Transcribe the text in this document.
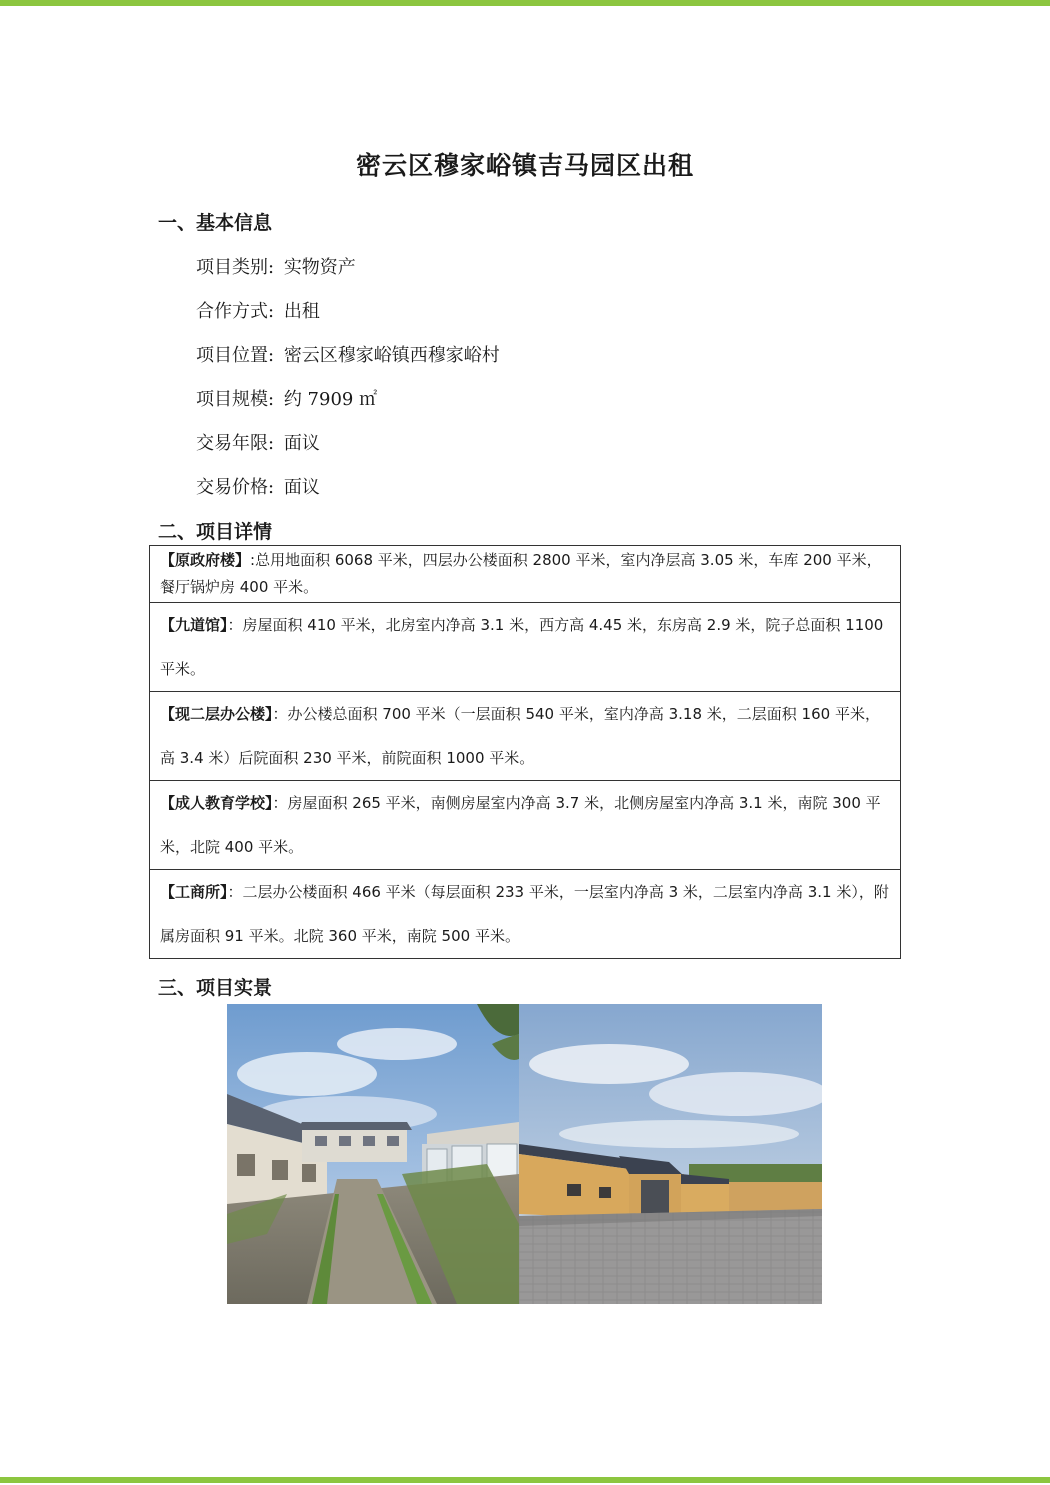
密云区穆家峪镇吉马园区出租
一、基本信息
项目类别: 实物资产
合作方式: 出租
项目位置: 密云区穆家峪镇西穆家峪村
项目规模: 约 7909 ㎡
交易年限: 面议
交易价格: 面议
二、项目详情
【原政府楼】:总用地面积 6068 平米，四层办公楼面积 2800 平米，室内净层高 3.05 米，车库 200 平米，餐厅锅炉房 400 平米。
【九道馆】：房屋面积 410 平米，北房室内净高 3.1 米，西方高 4.45 米，东房高 2.9 米，院子总面积 1100 平米。
【现二层办公楼】：办公楼总面积 700 平米（一层面积 540 平米，室内净高 3.18 米，二层面积 160 平米，高 3.4 米）后院面积 230 平米，前院面积 1000 平米。
【成人教育学校】：房屋面积 265 平米，南侧房屋室内净高 3.7 米，北侧房屋室内净高 3.1 米，南院 300 平米，北院 400 平米。
【工商所】：二层办公楼面积 466 平米（每层面积 233 平米，一层室内净高 3 米，二层室内净高 3.1 米），附属房面积 91 平米。北院 360 平米，南院 500 平米。
三、项目实景
